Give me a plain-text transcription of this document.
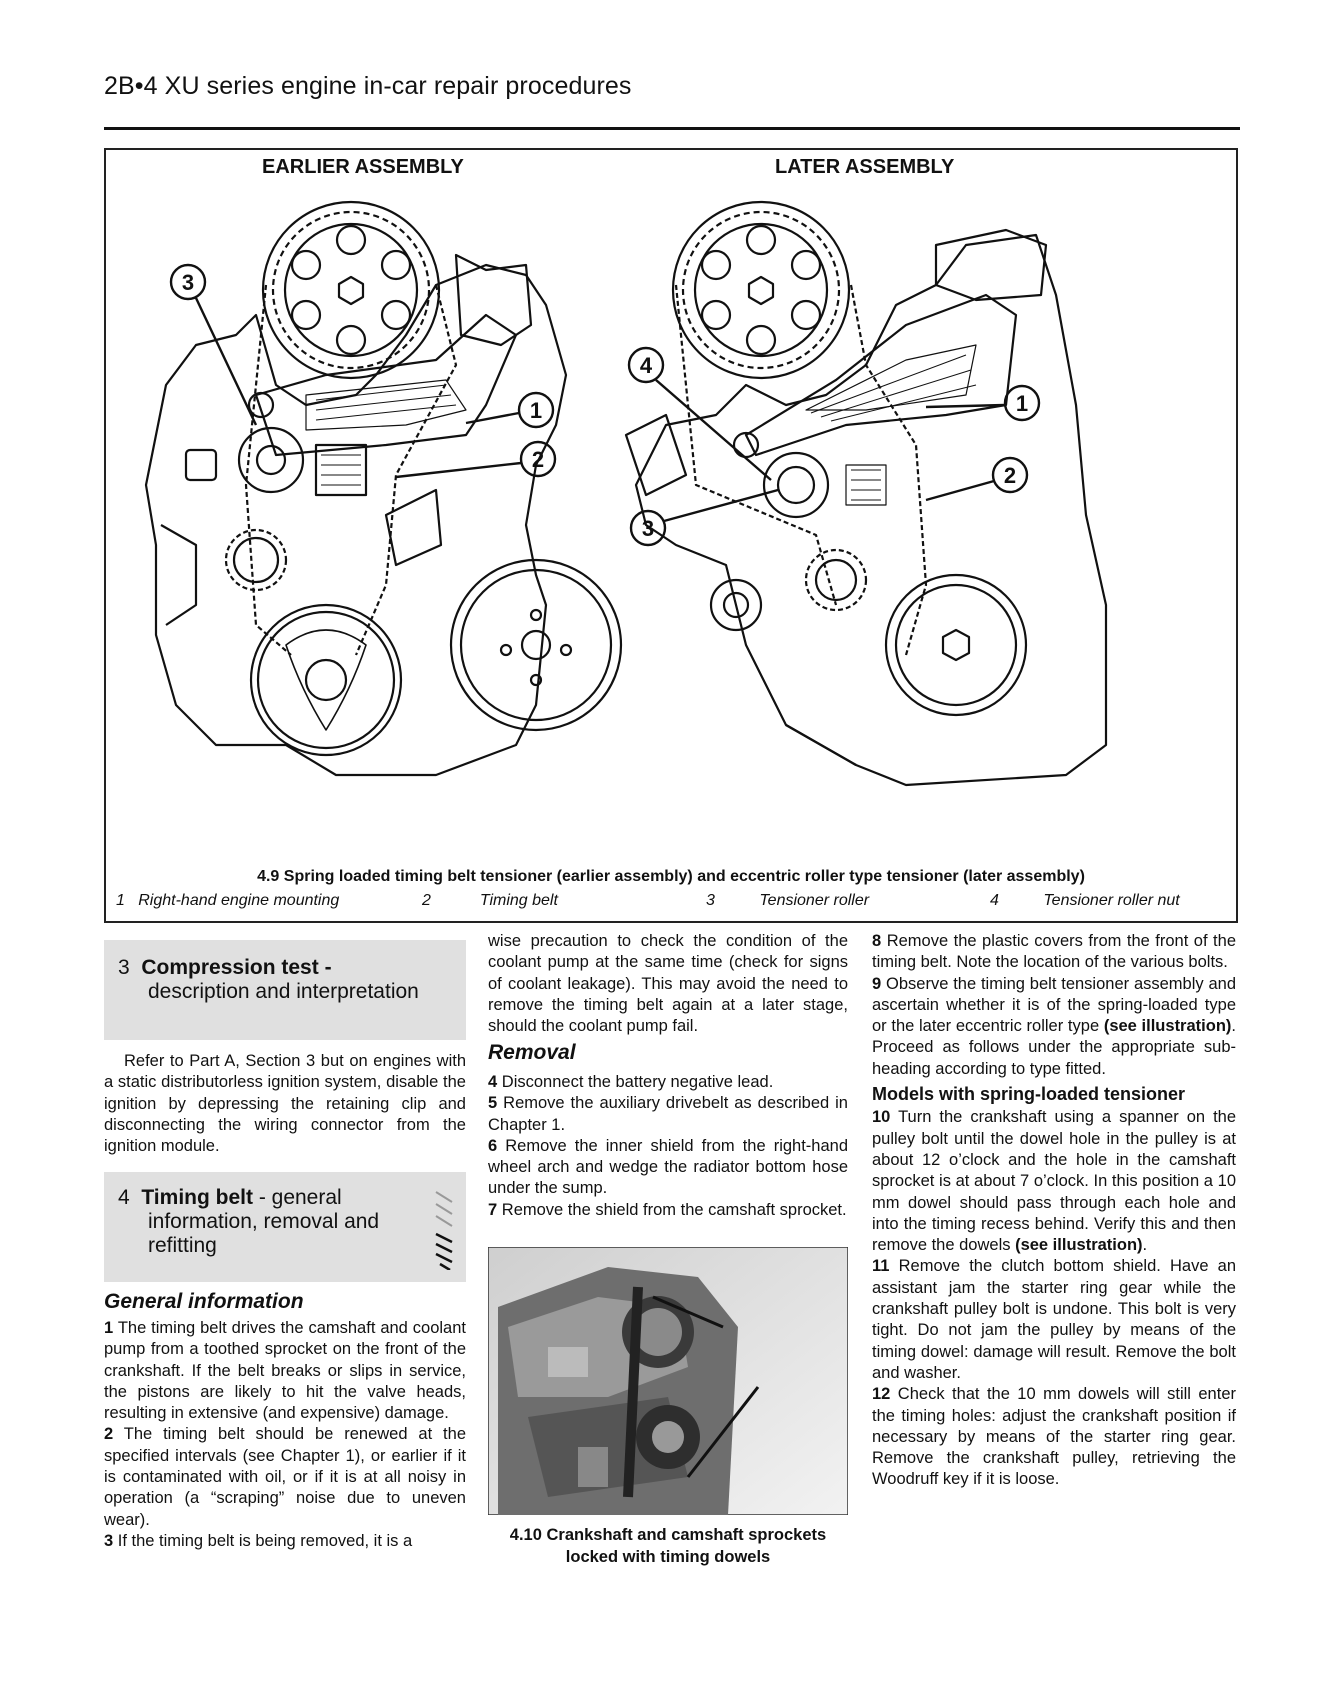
2B•4 XU series engine in-car repair procedures
EARLIER ASSEMBLY	LATER ASSEMBLY
3
1
2
4
1
2
3
4.9 Spring loaded timing belt tensioner (earlier assembly) and eccentric roller type tensioner (later assembly)
1 Right-hand engine mounting	2	Timing belt	3	Tensioner roller	4	Tensioner roller nut
3 Compression test -
description and interpretation
Refer to Part A, Section 3 but on engines with a static distributorless ignition system, disable the ignition by depressing the retaining clip and disconnecting the wiring connector from the ignition module.
4 Timing belt - general
information, removal and
refitting
General information

1 The timing belt drives the camshaft and coolant pump from a toothed sprocket on the front of the crankshaft. If the belt breaks or slips in service, the pistons are likely to hit the valve heads, resulting in extensive (and expensive) damage.

2 The timing belt should be renewed at the specified intervals (see Chapter 1), or earlier if it is contaminated with oil, or if it is at all noisy in operation (a “scraping” noise due to uneven wear).

3 If the timing belt is being removed, it is a

wise precaution to check the condition of the coolant pump at the same time (check for signs of coolant leakage). This may avoid the need to remove the timing belt again at a later stage, should the coolant pump fail.

Removal

4 Disconnect the battery negative lead.

5 Remove the auxiliary drivebelt as described in Chapter 1.

6 Remove the inner shield from the right-hand wheel arch and wedge the radiator bottom hose under the sump.

7 Remove the shield from the camshaft sprocket.

4.10 Crankshaft and camshaft sprockets
locked with timing dowels

8 Remove the plastic covers from the front of the timing belt. Note the location of the various bolts.

9 Observe the timing belt tensioner assembly and ascertain whether it is of the spring-loaded type or the later eccentric roller type (see illustration). Proceed as follows under the appropriate sub-heading according to type fitted.

Models with spring-loaded tensioner

10 Turn the crankshaft using a spanner on the pulley bolt until the dowel hole in the pulley is at about 12 o’clock and the hole in the camshaft sprocket is at about 7 o’clock. In this position a 10 mm dowel should pass through each hole and into the timing recess behind. Verify this and then remove the dowels (see illustration).

11 Remove the clutch bottom shield. Have an assistant jam the starter ring gear while the crankshaft pulley bolt is undone. This bolt is very tight. Do not jam the pulley by means of the timing dowel: damage will result. Remove the bolt and washer.

12 Check that the 10 mm dowels will still enter the timing holes: adjust the crankshaft position if necessary by means of the starter ring gear. Remove the crankshaft pulley, retrieving the Woodruff key if it is loose.
